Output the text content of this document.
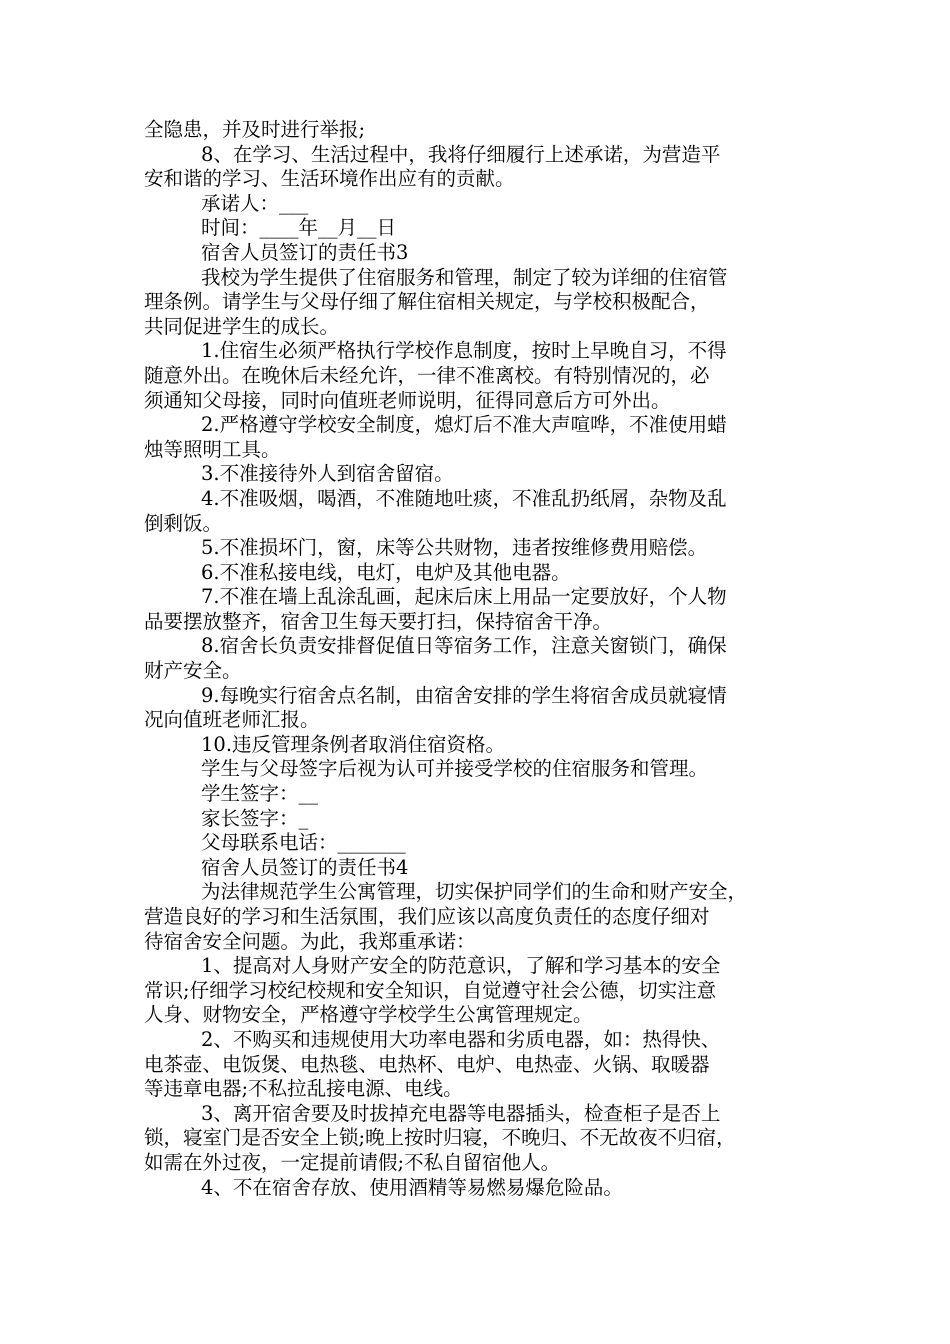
全隐患，并及时进行举报;

8、在学习、生活过程中，我将仔细履行上述承诺，为营造平

安和谐的学习、生活环境作出应有的贡献。

承诺人：___

时间：____年__月__日

宿舍人员签订的责任书3

我校为学生提供了住宿服务和管理，制定了较为详细的住宿管

理条例。请学生与父母仔细了解住宿相关规定，与学校积极配合，

共同促进学生的成长。

1.住宿生必须严格执行学校作息制度，按时上早晚自习，不得

随意外出。在晚休后未经允许，一律不准离校。有特别情况的，必

须通知父母接，同时向值班老师说明，征得同意后方可外出。

2.严格遵守学校安全制度，熄灯后不准大声喧哗，不准使用蜡

烛等照明工具。

3.不准接待外人到宿舍留宿。

4.不准吸烟，喝酒，不准随地吐痰，不准乱扔纸屑，杂物及乱

倒剩饭。

5.不准损坏门，窗，床等公共财物，违者按维修费用赔偿。

6.不准私接电线，电灯，电炉及其他电器。

7.不准在墙上乱涂乱画，起床后床上用品一定要放好，个人物

品要摆放整齐，宿舍卫生每天要打扫，保持宿舍干净。

8.宿舍长负责安排督促值日等宿务工作，注意关窗锁门，确保

财产安全。

9.每晚实行宿舍点名制，由宿舍安排的学生将宿舍成员就寝情

况向值班老师汇报。

10.违反管理条例者取消住宿资格。

学生与父母签字后视为认可并接受学校的住宿服务和管理。

学生签字：__

家长签字：_

父母联系电话：_______

宿舍人员签订的责任书4

为法律规范学生公寓管理，切实保护同学们的生命和财产安全，

营造良好的学习和生活氛围，我们应该以高度负责任的态度仔细对

待宿舍安全问题。为此，我郑重承诺：

1、提高对人身财产安全的防范意识，了解和学习基本的安全

常识;仔细学习校纪校规和安全知识，自觉遵守社会公德，切实注意

人身、财物安全，严格遵守学校学生公寓管理规定。

2、不购买和违规使用大功率电器和劣质电器，如：热得快、

电茶壶、电饭煲、电热毯、电热杯、电炉、电热壶、火锅、取暖器

等违章电器;不私拉乱接电源、电线。

3、离开宿舍要及时拔掉充电器等电器插头，检查柜子是否上

锁，寝室门是否安全上锁;晚上按时归寝，不晚归、不无故夜不归宿，

如需在外过夜，一定提前请假;不私自留宿他人。

4、不在宿舍存放、使用酒精等易燃易爆危险品。
